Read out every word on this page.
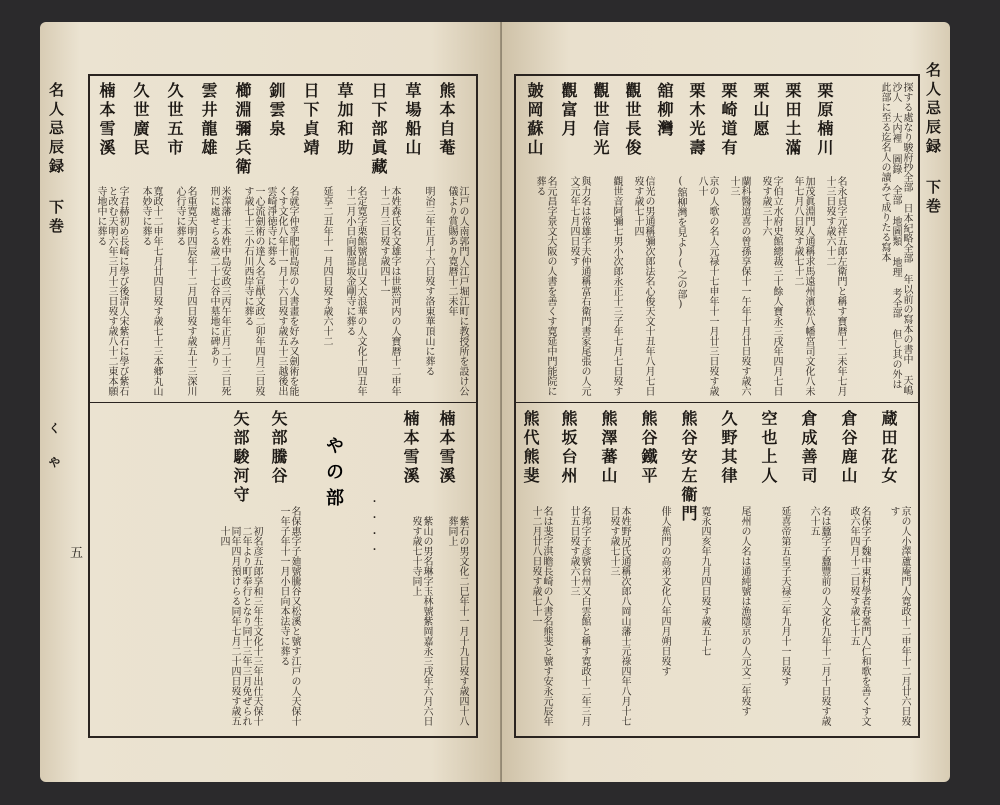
名人忌辰録 下巻
く や
五
熊本自菴
草場船山
日下部眞藏
草加和助
日下貞靖
釧雲泉
櫛淵彌兵衛
雲井龍雄
久世五市
久世廣民
楠本雪溪
江戸の人南郭門人江戸堀江町に教授所を設け公儀より賞賜あり寛暦十二未年
明治三年正月十六日歿す洛東華頂山に葬る
本姓森氏名文雄字は世黙河内の人寶暦十二申年十二月三日歿す歳四十一
名定寛字栗館號崑山又大浪華の人文化十四丑年十二月小日向服部坂金剛寺に葬る
延享二丑年十一月四日歿す歳六十二
名就字仲孚肥前島原の人書畫を好み又劍術を能くす文化八年十一月十六日歿す歳五十三越後出雲崎淨徳寺に葬る
一心流劍術の達人名宣猷文政二卯年四月三日歿す歳七十三小石川西岸寺に葬る
米澤藩士本姓中島安政三丙午年正月二十三日死刑に處せらる歳二十七谷中墓地に碑あり
名重寛天明四辰年十二月四日歿す歳五十三深川心行寺に葬る
寬政十二申年七月廿四日歿す歳七十三本郷丸山本妙寺に葬る
字君赫初め長崎に學び後清人宋紫石に學び紫石と改む天明六年三月十三日歿す歳八十二東本願寺地中に葬る
楠本雪溪
紫石の男文化二巳年十一月十九日歿す歳四十八葬同上
楠本雪溪
紫山の男名琳字玉林號紫岡嘉永三戌年六月六日歿す歳七十寺同上
・・・・
やの部
矢部騰谷
名保惠字子廸號騰谷又松溪と號す江戸の人天保十一年子年十一月小日向本法寺に葬る
矢部駿河守
初名彦五郎享和三年生文化十三年出仕天保十二年より町奉行となり同十三年三月免ぜられ同年四月預けらる同年七月二十四日歿す歳五十四
名人忌辰録 下巻
探する處なり駿府抄全部 日本紀略全部 年以前の寫本の書中 天嶋沙人 大内裡 圖錄 全部 地圖類 地理 考全部 但し其の外は此部に至る迄名人の讀みて成りたる寫本
栗原楠川
名永貞字元祥五郎左衛門と稱す寶暦十二未年七月十三日歿す歳六十二
栗田土滿
加茂眞淵門人通稱求馬遠州濱松八幡宮司文化八未年七月八日歿す歳七十二
栗山愿
字伯立水府史館總裁三十餘人寶永三戌年四月七日歿す歳三十六
栗崎道有
蘭科醫道喜の曾孫享保十一午年十月廿日歿す歳六十三
栗木光壽
京の人歌の名人元禄十七申年十一月廿三日歿す歳八十
舘柳灣
(舘柳灣を見よ)(之の部)
觀世長俊
信光の男通稱彌次郎法名心俊天文十丑年八月七日歿す歳七十四
觀世信光
觀世音阿彌七男小次郎永正十三子年七月七日歿す
觀富月
與力名は常雄字夫仲通稱富右衛門書家尾張の人元文元年七月四日歿す
皷岡蘇山
名元昌字景文大阪の人書を善くす寛延中門能院に葬る
蔵田花女
京の人小澤蘆庵門人寛政十二申年十二月廿六日歿す
倉谷鹿山
名保字子魏中東村學者春臺門人仁和歌を善くす文政六年四月十二日歿す歳七十五
倉成善司
名は蠶字子蠶豐前の人文化九年十二月十日歿す歳六十五
空也上人
延喜帝第五皇子天禄三年九月十一日歿す
久野其律
尾州の人名は通純號は漁隱京の人元文二年歿す
熊谷安左衞門
寛永四亥年九月四日歿す歳五十七
熊谷鐵平
俳人蕉門の高弟文化八年四月朔日歿す
熊澤蕃山
本姓野尻氏通稱次郎八岡山藩士元祿四年八月十七日歿す歳七十三
熊坂台州
名邦字子彦號台州又白雲館と稱す寛政十二年三月廿五日歿す歳六十三
熊代熊斐
名は斐字淇瞻長崎の人書名熊斐と號す安永元辰年十二月廿八日歿す歳七十一
